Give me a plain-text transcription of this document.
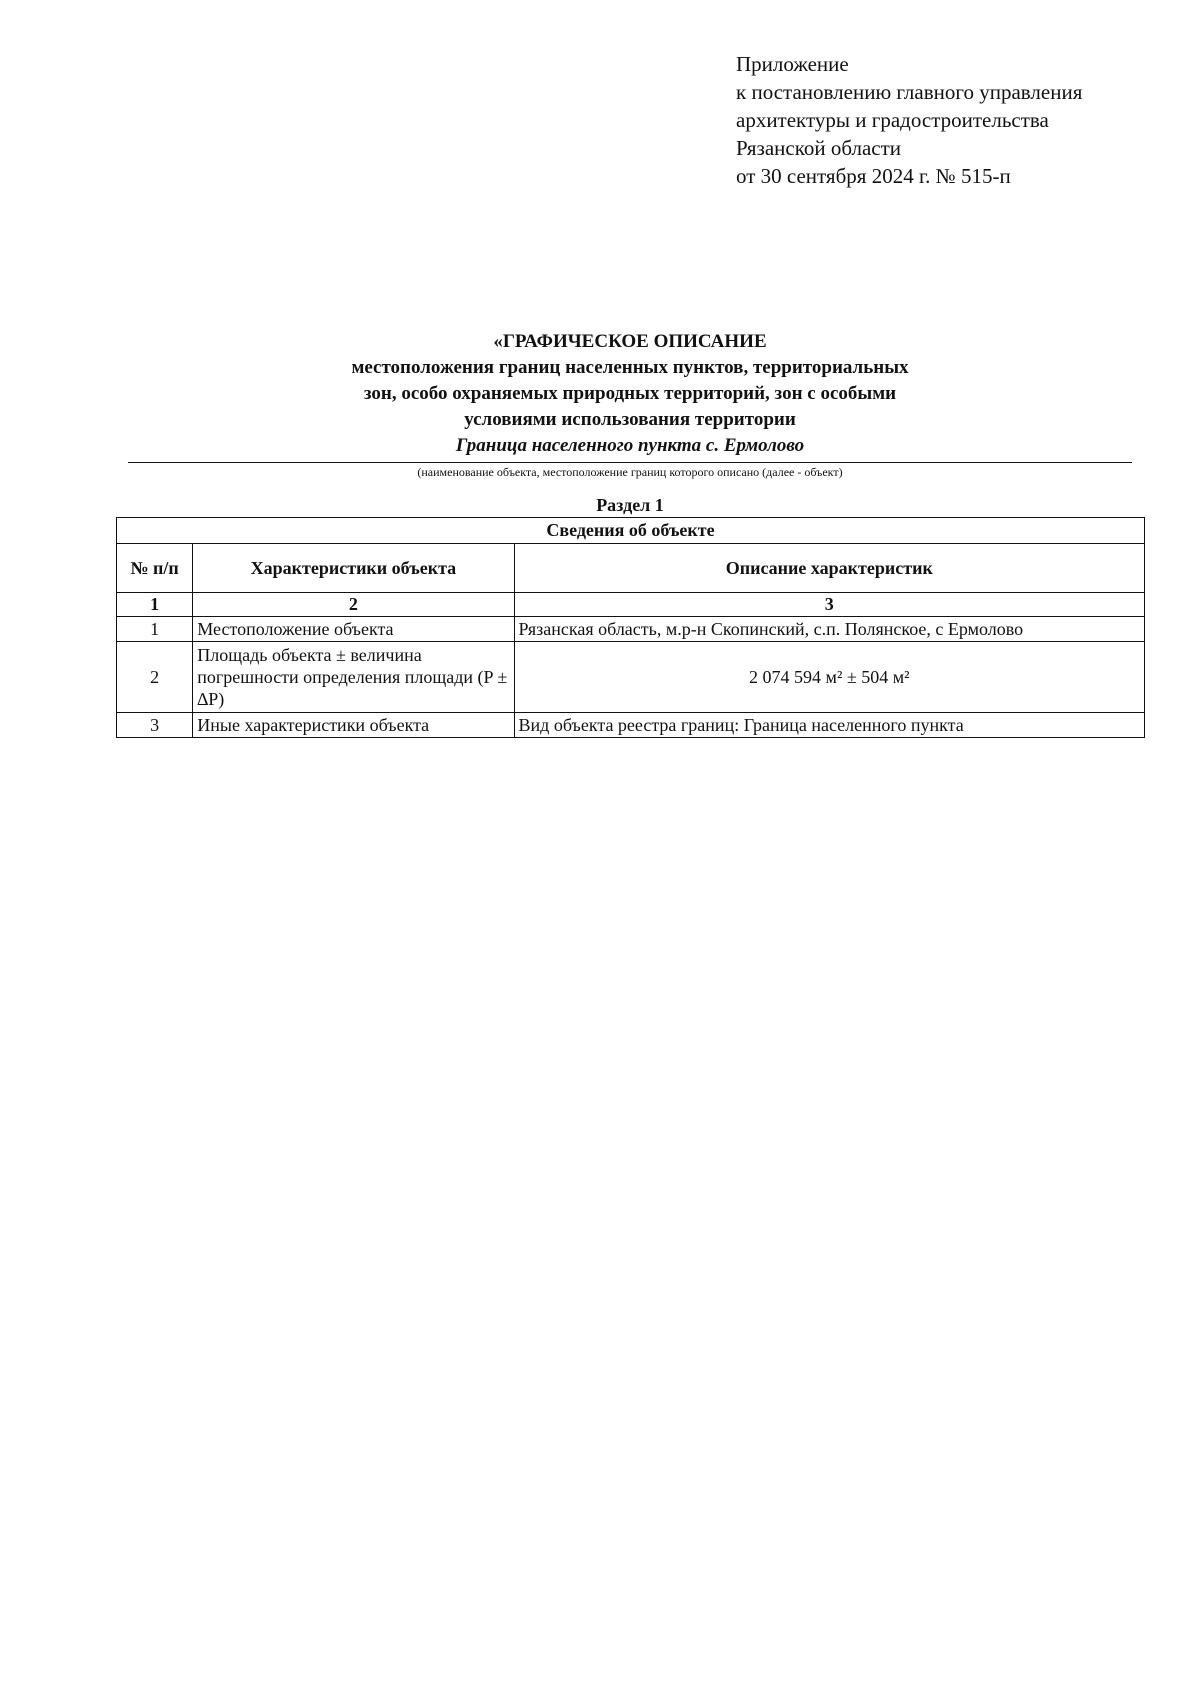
Приложение
к постановлению главного управления
архитектуры и градостроительства
Рязанской области
от 30 сентября 2024 г. № 515-п
«ГРАФИЧЕСКОЕ ОПИСАНИЕ
местоположения границ населенных пунктов, территориальных
зон, особо охраняемых природных территорий, зон с особыми
условиями использования территории
Граница населенного пункта с. Ермолово
(наименование объекта, местоположение границ которого описано (далее - объект)
Раздел 1
Сведения об объекте		
№ п/п	Характеристики объекта	Описание характеристик
1	2	3
1	Местоположение объекта	Рязанская область, м.р-н Скопинский, с.п. Полянское, с Ермолово
2	Площадь объекта ± величина погрешности определения площади (P ± ∆P)	2 074 594 м² ± 504 м²
3	Иные характеристики объекта	Вид объекта реестра границ: Граница населенного пункта
